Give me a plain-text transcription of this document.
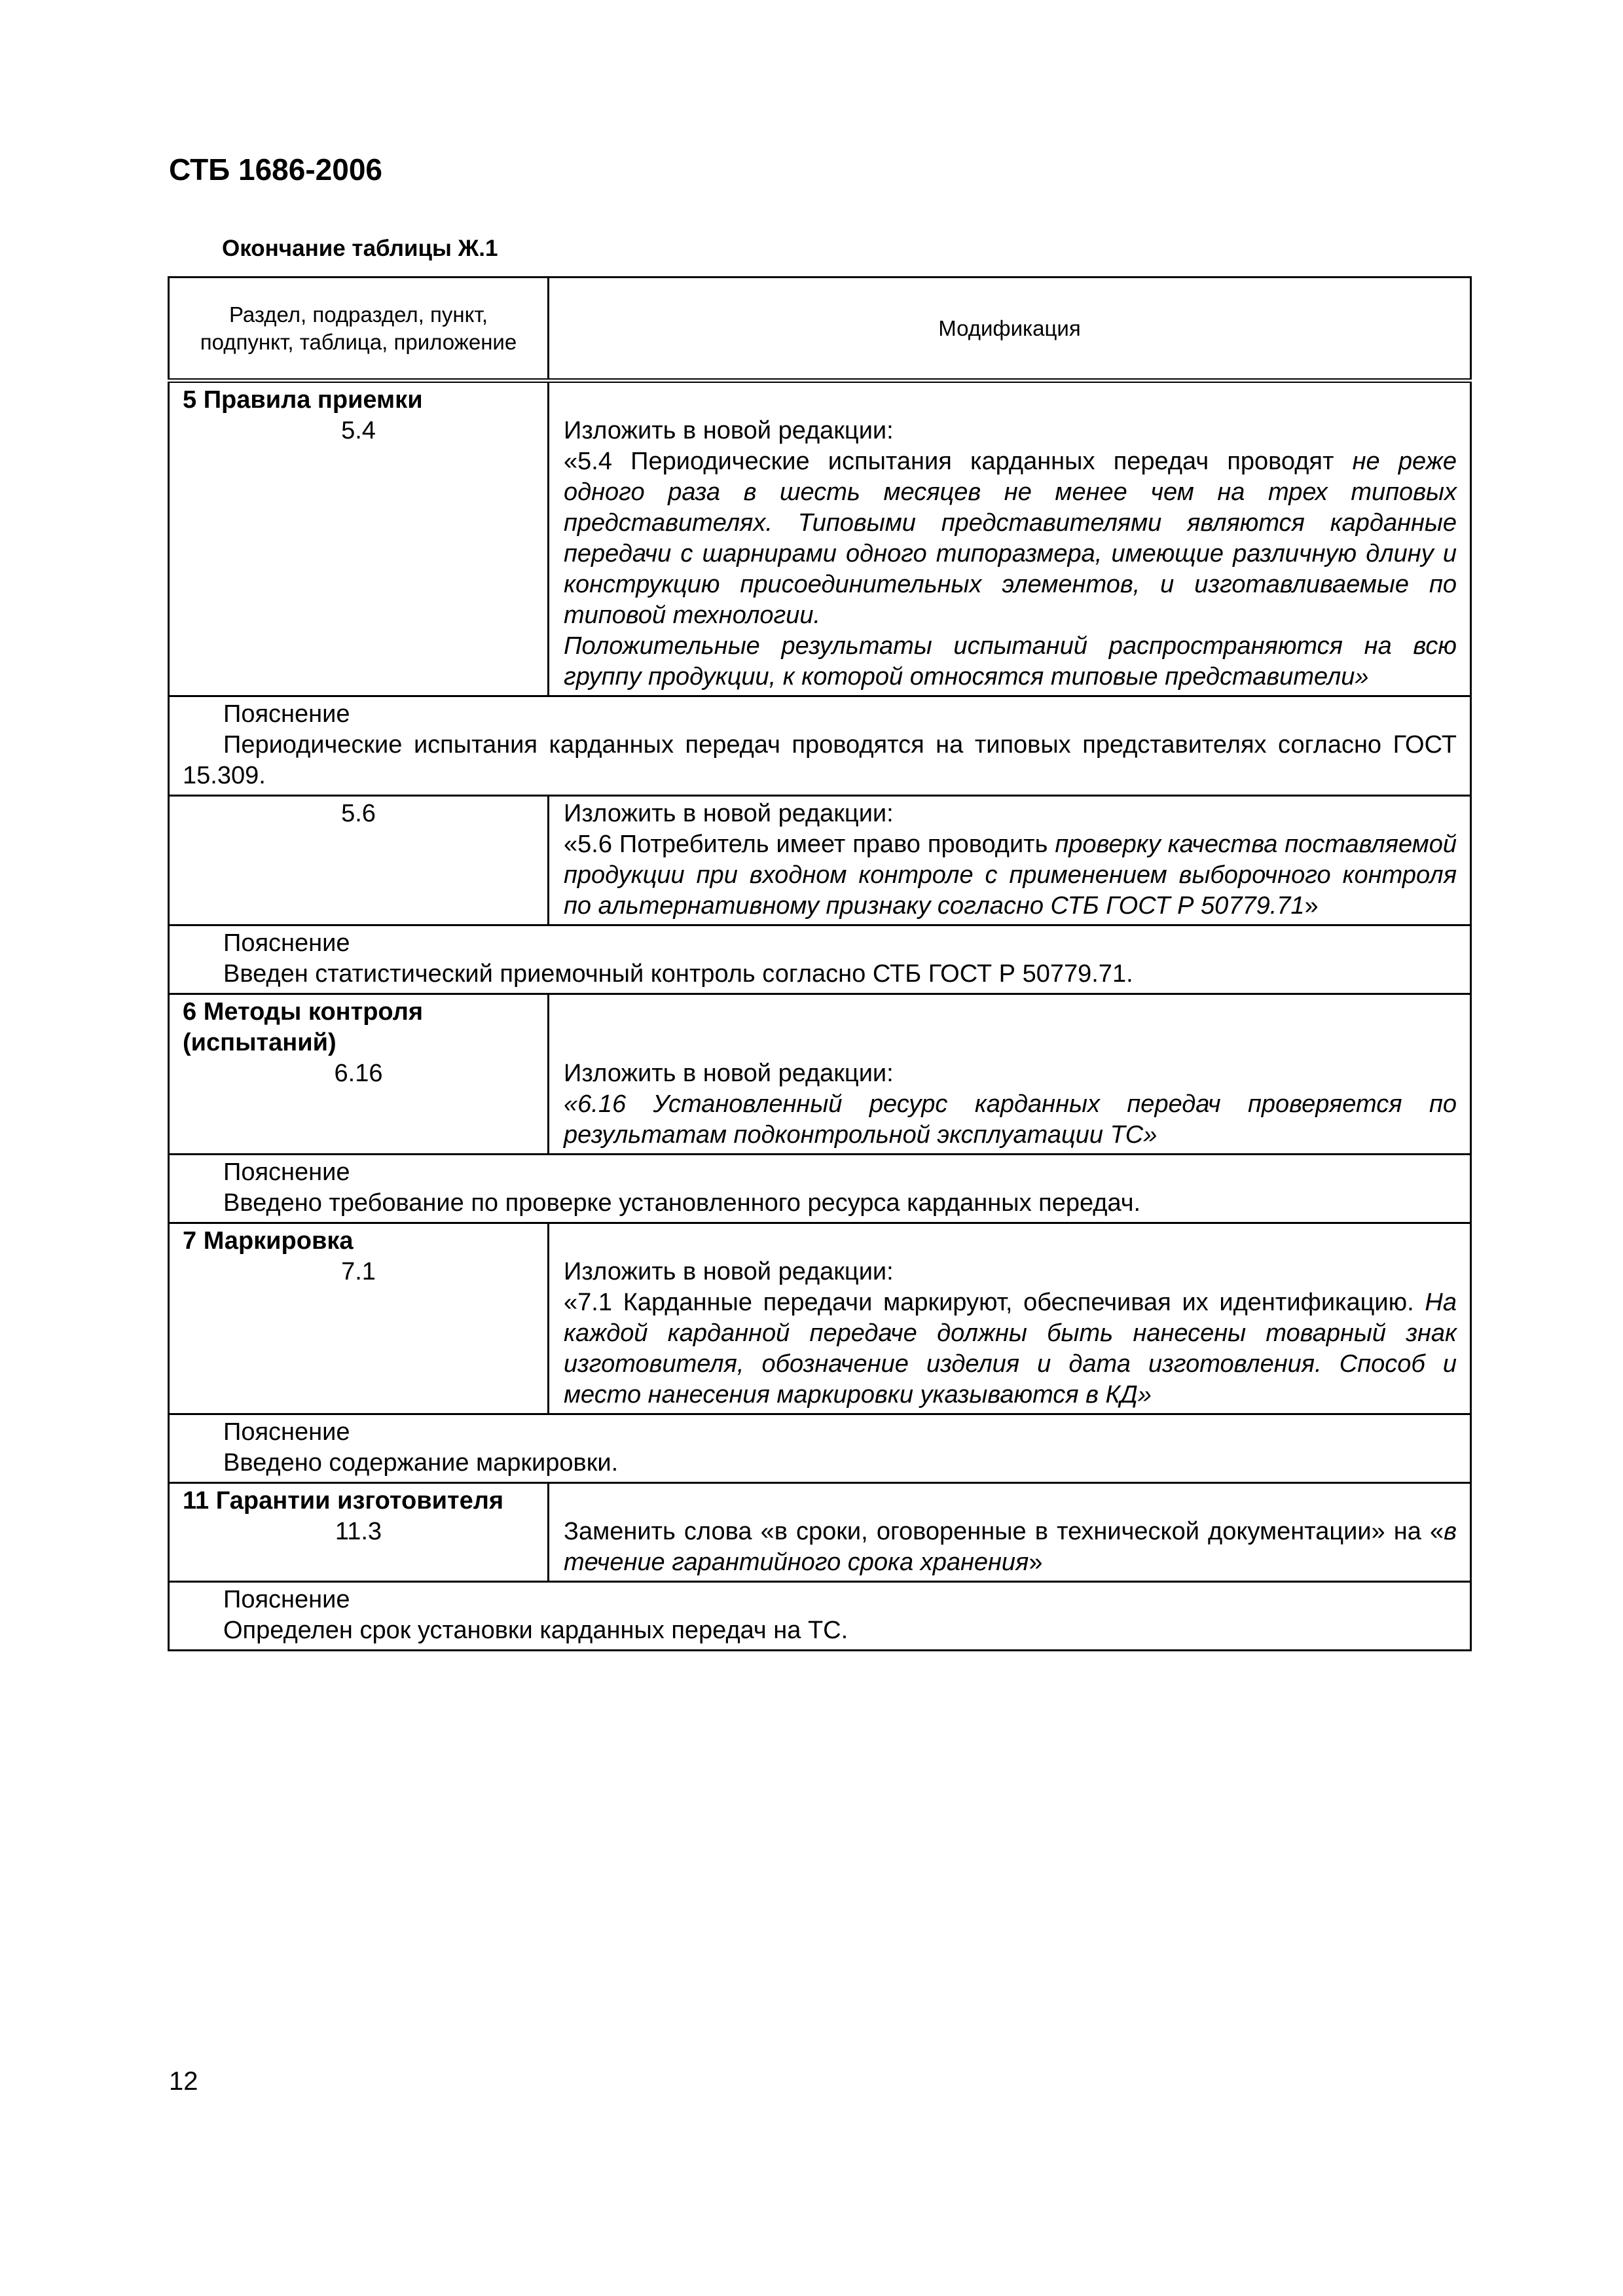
СТБ 1686-2006
Окончание таблицы Ж.1
Раздел, подраздел, пункт, подпункт, таблица, приложение	Модификация

5 Правила приемки
5.4	Изложить в новой редакции:
«5.4 Периодические испытания карданных передач проводят не реже одного раза в шесть месяцев не менее чем на трех типовых представителях. Типовыми представителями являются карданные передачи с шарнирами одного типоразмера, имеющие различную длину и конструкцию присоединительных элементов, и изготавливаемые по типовой технологии.
Положительные результаты испытаний распространяются на всю группу продукции, к которой относятся типовые представители»

Пояснение
Периодические испытания карданных передач проводятся на типовых представителях согласно ГОСТ 15.309.	

5.6	Изложить в новой редакции:
«5.6 Потребитель имеет право проводить проверку качества поставляемой продукции при входном контроле с применением выборочного контроля по альтернативному признаку согласно СТБ ГОСТ Р 50779.71»

Пояснение
Введен статистический приемочный контроль согласно СТБ ГОСТ Р 50779.71.	

6 Методы контроля (испытаний)
6.16	Изложить в новой редакции:
«6.16 Установленный ресурс карданных передач проверяется по результатам подконтрольной эксплуатации ТС»

Пояснение
Введено требование по проверке установленного ресурса карданных передач.	

7 Маркировка
7.1	Изложить в новой редакции:
«7.1 Карданные передачи маркируют, обеспечивая их идентификацию. На каждой карданной передаче должны быть нанесены товарный знак изготовителя, обозначение изделия и дата изготовления. Способ и место нанесения маркировки указываются в КД»

Пояснение
Введено содержание маркировки.	

11 Гарантии изготовителя
11.3	Заменить слова «в сроки, оговоренные в технической документации» на «в течение гарантийного срока хранения»

Пояснение
Определен срок установки карданных передач на ТС.	
12
